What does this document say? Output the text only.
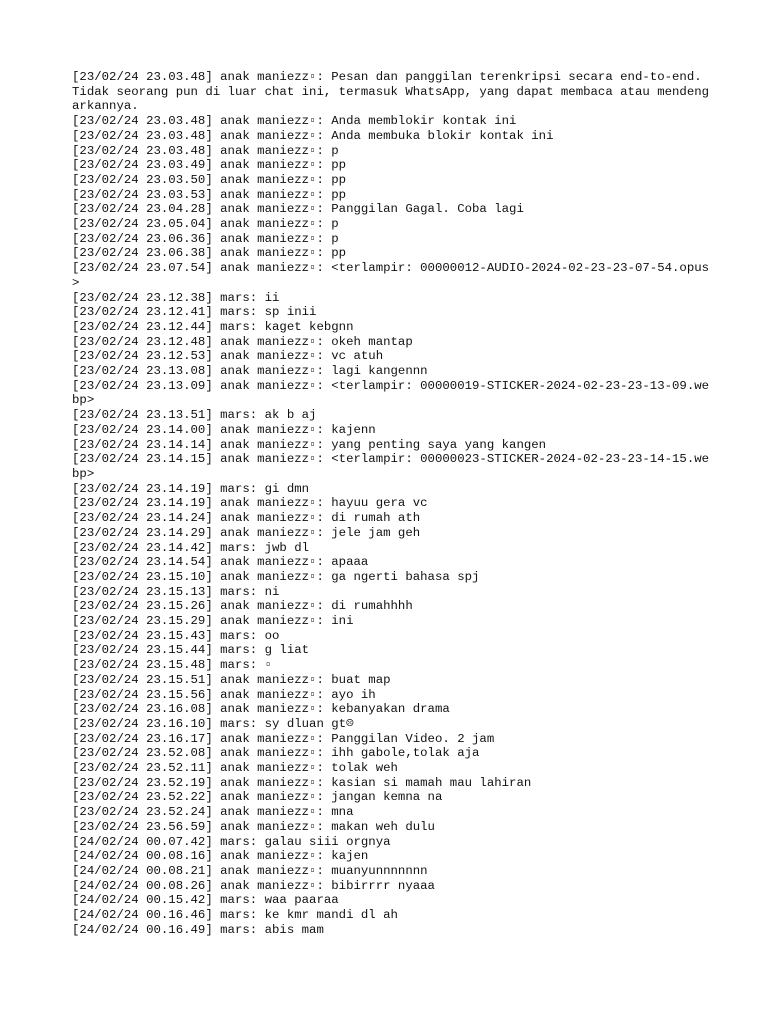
[23/02/24 23.03.48] anak maniezz▫: Pesan dan panggilan terenkripsi secara end-to-end. Tidak seorang pun di luar chat ini, termasuk WhatsApp, yang dapat membaca atau mendengarkannya.

[23/02/24 23.03.48] anak maniezz▫: Anda memblokir kontak ini

[23/02/24 23.03.48] anak maniezz▫: Anda membuka blokir kontak ini

[23/02/24 23.03.48] anak maniezz▫: p

[23/02/24 23.03.49] anak maniezz▫: pp

[23/02/24 23.03.50] anak maniezz▫: pp

[23/02/24 23.03.53] anak maniezz▫: pp

[23/02/24 23.04.28] anak maniezz▫: Panggilan Gagal. Coba lagi

[23/02/24 23.05.04] anak maniezz▫: p

[23/02/24 23.06.36] anak maniezz▫: p

[23/02/24 23.06.38] anak maniezz▫: pp

[23/02/24 23.07.54] anak maniezz▫: <terlampir: 00000012-AUDIO-2024-02-23-23-07-54.opus>

[23/02/24 23.12.38] mars: ii

[23/02/24 23.12.41] mars: sp inii

[23/02/24 23.12.44] mars: kaget kebgnn

[23/02/24 23.12.48] anak maniezz▫: okeh mantap

[23/02/24 23.12.53] anak maniezz▫: vc atuh

[23/02/24 23.13.08] anak maniezz▫: lagi kangennn

[23/02/24 23.13.09] anak maniezz▫: <terlampir: 00000019-STICKER-2024-02-23-23-13-09.webp>

[23/02/24 23.13.51] mars: ak b aj

[23/02/24 23.14.00] anak maniezz▫: kajenn

[23/02/24 23.14.14] anak maniezz▫: yang penting saya yang kangen

[23/02/24 23.14.15] anak maniezz▫: <terlampir: 00000023-STICKER-2024-02-23-23-14-15.webp>

[23/02/24 23.14.19] mars: gi dmn

[23/02/24 23.14.19] anak maniezz▫: hayuu gera vc

[23/02/24 23.14.24] anak maniezz▫: di rumah ath

[23/02/24 23.14.29] anak maniezz▫: jele jam geh

[23/02/24 23.14.42] mars: jwb dl

[23/02/24 23.14.54] anak maniezz▫: apaaa

[23/02/24 23.15.10] anak maniezz▫: ga ngerti bahasa spj

[23/02/24 23.15.13] mars: ni

[23/02/24 23.15.26] anak maniezz▫: di rumahhhh

[23/02/24 23.15.29] anak maniezz▫: ini

[23/02/24 23.15.43] mars: oo

[23/02/24 23.15.44] mars: g liat

[23/02/24 23.15.48] mars: ▫

[23/02/24 23.15.51] anak maniezz▫: buat map

[23/02/24 23.15.56] anak maniezz▫: ayo ih

[23/02/24 23.16.08] anak maniezz▫: kebanyakan drama

[23/02/24 23.16.10] mars: sy dluan gt☹

[23/02/24 23.16.17] anak maniezz▫: Panggilan Video. 2 jam

[23/02/24 23.52.08] anak maniezz▫: ihh gabole,tolak aja

[23/02/24 23.52.11] anak maniezz▫: tolak weh

[23/02/24 23.52.19] anak maniezz▫: kasian si mamah mau lahiran

[23/02/24 23.52.22] anak maniezz▫: jangan kemna na

[23/02/24 23.52.24] anak maniezz▫: mna

[23/02/24 23.56.59] anak maniezz▫: makan weh dulu

[24/02/24 00.07.42] mars: galau siii orgnya

[24/02/24 00.08.16] anak maniezz▫: kajen

[24/02/24 00.08.21] anak maniezz▫: muanyunnnnnnn

[24/02/24 00.08.26] anak maniezz▫: bibirrrr nyaaa

[24/02/24 00.15.42] mars: waa paaraa

[24/02/24 00.16.46] mars: ke kmr mandi dl ah

[24/02/24 00.16.49] mars: abis mam
